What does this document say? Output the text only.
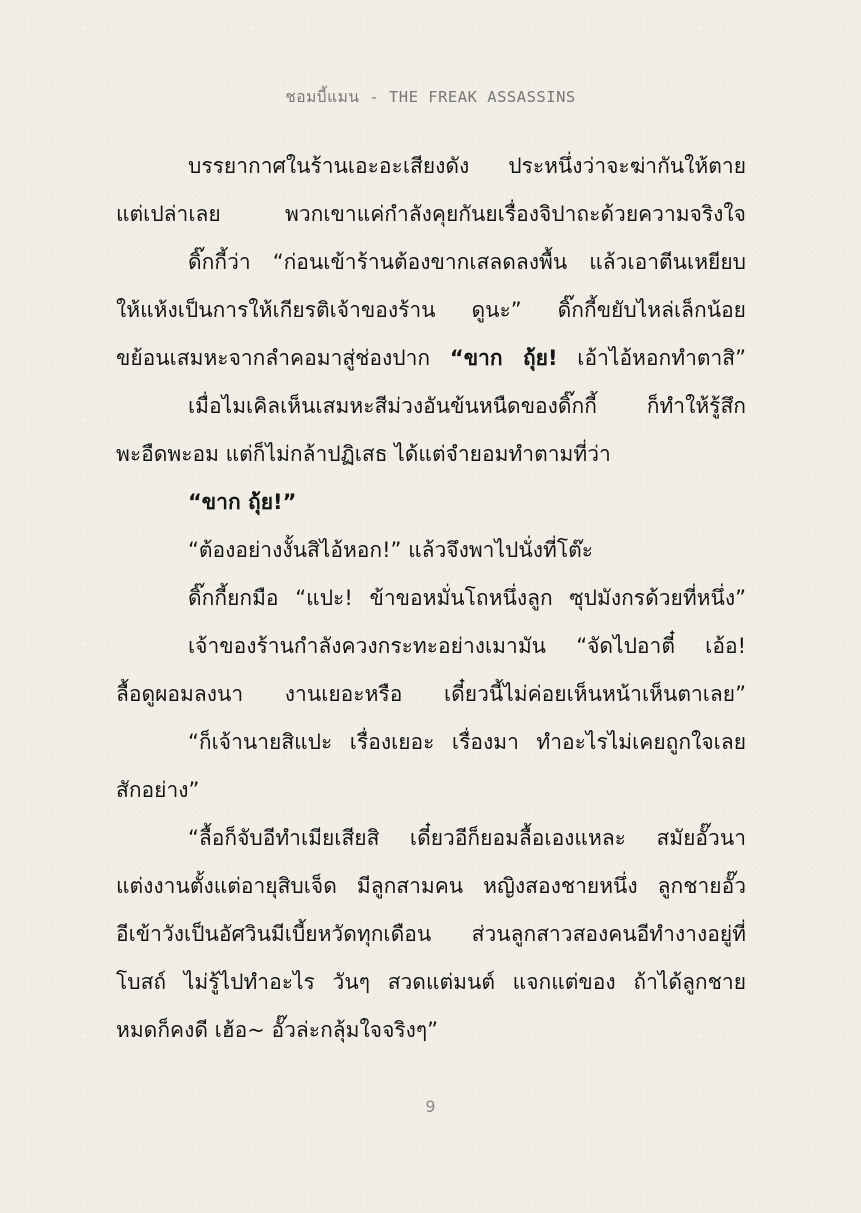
ชอมบี้แมน - THE FREAK ASSASSINS
บรรยากาศในร้านเอะอะเสียงดัง ประหนึ่งว่าจะฆ่ากันให้ตาย
แต่เปล่าเลย พวกเขาแค่กำลังคุยกันยเรื่องจิปาถะด้วยความจริงใจ
ดิ๊กกี้ว่า “ก่อนเข้าร้านต้องขากเสลดลงพื้น แล้วเอาตีนเหยียบ
ให้แห้งเป็นการให้เกียรติเจ้าของร้าน ดูนะ” ดิ๊กกี้ขยับไหล่เล็กน้อย
ขย้อนเสมหะจากลำคอมาสู่ช่องปาก “ขาก ถุ้ย! เอ้าไอ้หอกทำตาสิ”
เมื่อไมเคิลเห็นเสมหะสีม่วงอันข้นหนืดของดิ๊กกี้ ก็ทำให้รู้สึก
พะอืดพะอม แต่ก็ไม่กล้าปฏิเสธ ได้แต่จำยอมทำตามที่ว่า
“ขาก ถุ้ย!”
“ต้องอย่างงั้นสิไอ้หอก!” แล้วจึงพาไปนั่งที่โต๊ะ
ดิ๊กกี้ยกมือ “แปะ! ข้าขอหมั่นโถหนึ่งลูก ซุปมังกรด้วยที่หนึ่ง”
เจ้าของร้านกำลังควงกระทะอย่างเมามัน “จัดไปอาตี๋ เอ้อ!
ลื้อดูผอมลงนา งานเยอะหรือ เดี๋ยวนี้ไม่ค่อยเห็นหน้าเห็นตาเลย”
“ก็เจ้านายสิแปะ เรื่องเยอะ เรื่องมา ทำอะไรไม่เคยถูกใจเลย
สักอย่าง”
“ลื้อก็จับอีทำเมียเสียสิ เดี๋ยวอีก็ยอมลื้อเองแหละ สมัยอั๊วนา
แต่งงานตั้งแต่อายุสิบเจ็ด มีลูกสามคน หญิงสองชายหนึ่ง ลูกชายอั๊ว
อีเข้าวังเป็นอัศวินมีเบี้ยหวัดทุกเดือน ส่วนลูกสาวสองคนอีทำงางอยู่ที่
โบสถ์ ไม่รู้ไปทำอะไร วันๆ สวดแต่มนต์ แจกแต่ของ ถ้าได้ลูกชาย
หมดก็คงดี เฮ้อ~ อั๊วล่ะกลุ้มใจจริงๆ”
9
